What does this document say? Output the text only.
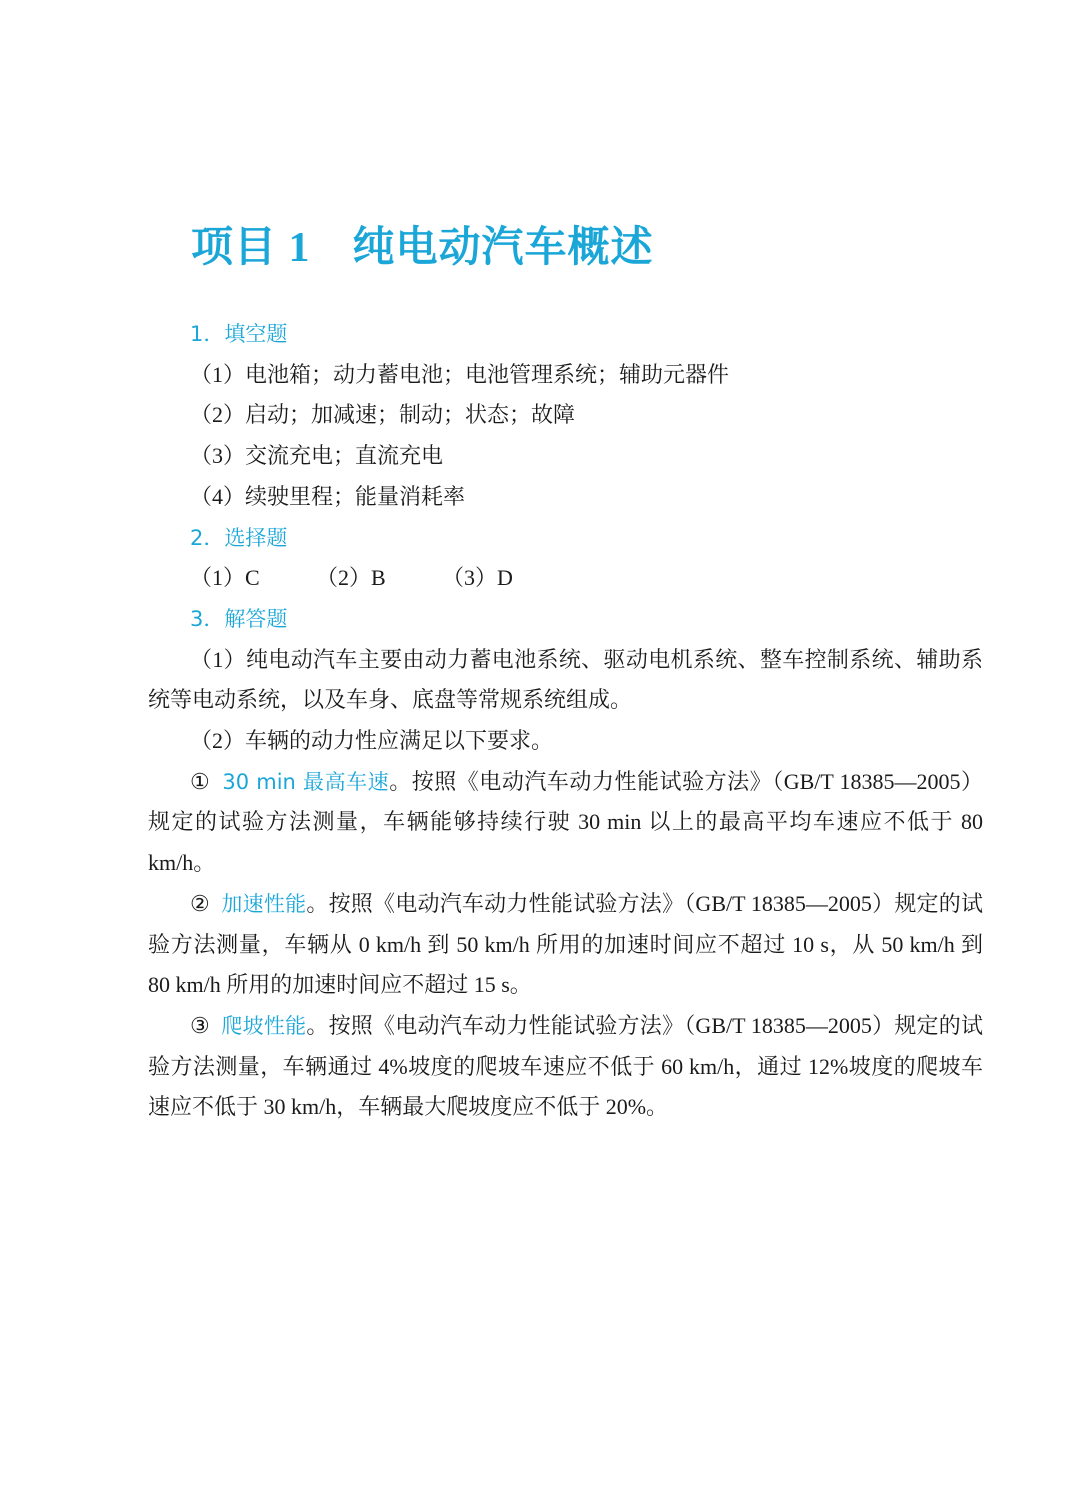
项目 1 纯电动汽车概述

1．填空题

（1）电池箱；动力蓄电池；电池管理系统；辅助元器件

（2）启动；加减速；制动；状态；故障

（3）交流充电；直流充电

（4）续驶里程；能量消耗率

2．选择题

（1）C	（2）B	（3）D

3．解答题

（1）纯电动汽车主要由动力蓄电池系统、驱动电机系统、整车控制系统、辅助系统等电动系统，以及车身、底盘等常规系统组成。

（2）车辆的动力性应满足以下要求。

① 30 min 最高车速。按照《电动汽车动力性能试验方法》（GB/T 18385—2005）规定的试验方法测量，车辆能够持续行驶 30 min 以上的最高平均车速应不低于 80 km/h。

② 加速性能。按照《电动汽车动力性能试验方法》（GB/T 18385—2005）规定的试验方法测量，车辆从 0 km/h 到 50 km/h 所用的加速时间应不超过 10 s，从 50 km/h 到 80 km/h 所用的加速时间应不超过 15 s。

③ 爬坡性能。按照《电动汽车动力性能试验方法》（GB/T 18385—2005）规定的试验方法测量，车辆通过 4%坡度的爬坡车速应不低于 60 km/h，通过 12%坡度的爬坡车速应不低于 30 km/h，车辆最大爬坡度应不低于 20%。
